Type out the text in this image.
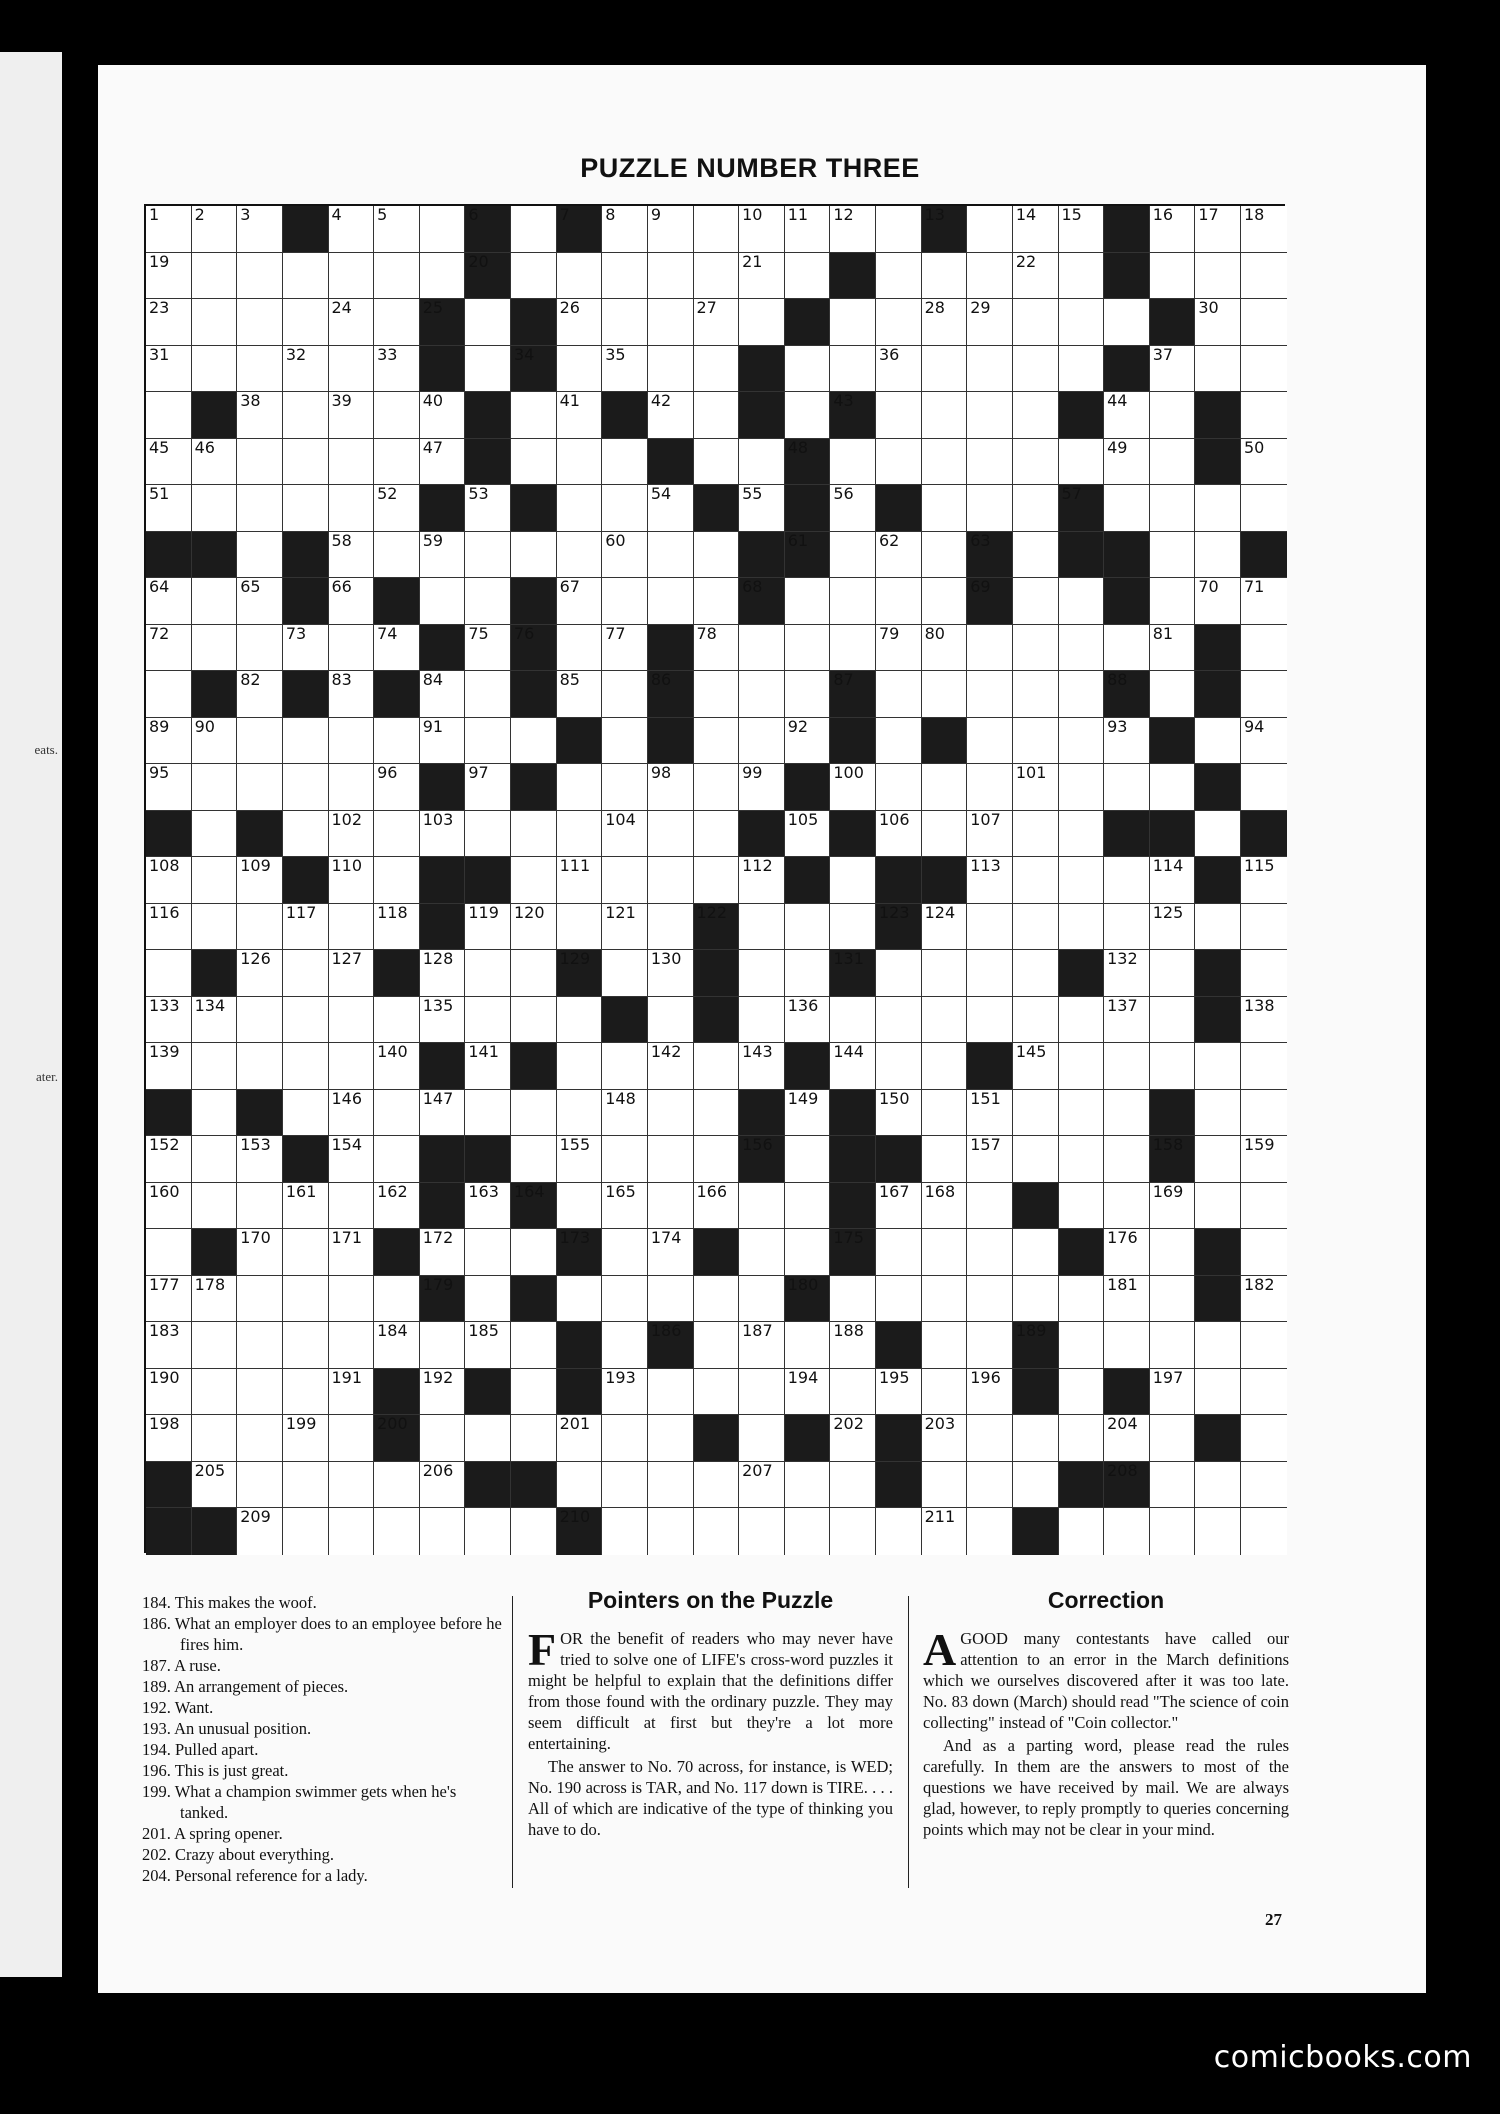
eats.
ater.
PUZZLE NUMBER THREE
1 2 3	4 5	6	7 8 9	10 11 12	13	14 15	16 17 18
19	20	21	22
23	24	25	26	27	28 29	30
31	32	33	34	35	36	37
38	39	40	41	42	43	44
45 46	47	48	49	50
51	52	53	54	55	56	57
58	59	60	61	62	63
64	65	66	67	68	69	70 71
72	73	74	75 76	77	78	79 80	81
82	83	84	85	86	87	88
89 90	91	92	93	94
95	96	97	98	99	100	101
102	103	104	105	106	107
108	109	110	111	112	113	114	115
116	117	118	119 120	121	122	123 124	125
126	127	128	129	130	131	132
133 134	135	136	137	138
139	140	141	142	143	144	145
146	147	148	149	150	151
152	153	154	155	156	157	158	159
160	161	162	163 164	165	166	167 168	169
170	171	172	173	174	175	176
177 178	179	180	181	182
183	184	185	186	187	188	189
190	191	192	193	194	195	196	197
198	199	200	201	202	203	204
205	206	207	208
209	210	211
184. This makes the woof.
186. What an employer does to an employee before he fires him.
187. A ruse.
189. An arrangement of pieces.
192. Want.
193. An unusual position.
194. Pulled apart.
196. This is just great.
199. What a champion swimmer gets when he's tanked.
201. A spring opener.
202. Crazy about everything.
204. Personal reference for a lady.
Pointers on the Puzzle

FOR the benefit of readers who may never have tried to solve one of LIFE's cross-word puzzles it might be helpful to explain that the definitions differ from those found with the ordinary puzzle. They may seem difficult at first but they're a lot more entertaining.

The answer to No. 70 across, for instance, is WED; No. 190 across is TAR, and No. 117 down is TIRE. . . . All of which are indicative of the type of thinking you have to do.

Correction

AGOOD many contestants have called our attention to an error in the March definitions which we ourselves discovered after it was too late. No. 83 down (March) should read "The science of coin collecting" instead of "Coin collector."

And as a parting word, please read the rules carefully. In them are the answers to most of the questions we have received by mail. We are always glad, however, to reply promptly to queries concerning points which may not be clear in your mind.

27
comicbooks.com
